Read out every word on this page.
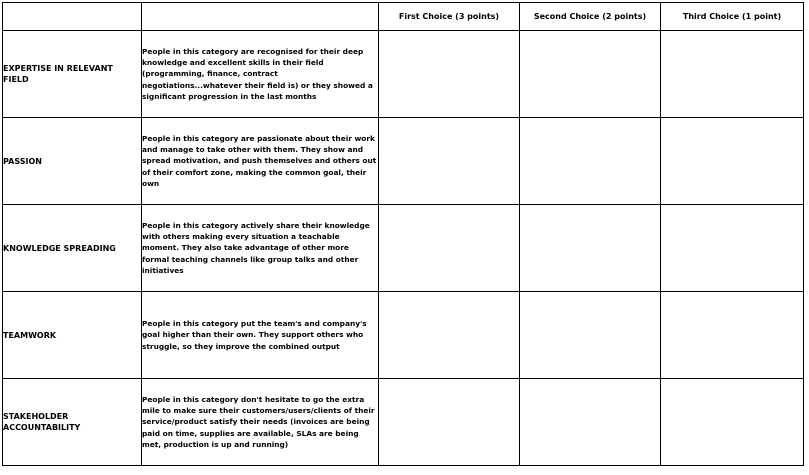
		First Choice (3 points)	Second Choice (2 points)	Third Choice (1 point)
EXPERTISE IN RELEVANT FIELD	People in this category are recognised for their deep knowledge and excellent skills in their field (programming, finance, contract negotiations...whatever their field is) or they showed a significant progression in the last months			
PASSION	People in this category are passionate about their work and manage to take other with them. They show and spread motivation, and push themselves and others out of their comfort zone, making the common goal, their own			
KNOWLEDGE SPREADING	People in this category actively share their knowledge with others making every situation a teachable moment. They also take advantage of other more formal teaching channels like group talks and other initiatives			
TEAMWORK	People in this category put the team's and company's goal higher than their own. They support others who struggle, so they improve the combined output			
STAKEHOLDER ACCOUNTABILITY	People in this category don't hesitate to go the extra mile to make sure their customers/users/clients of their service/product satisfy their needs (invoices are being paid on time, supplies are available, SLAs are being met, production is up and running)			
